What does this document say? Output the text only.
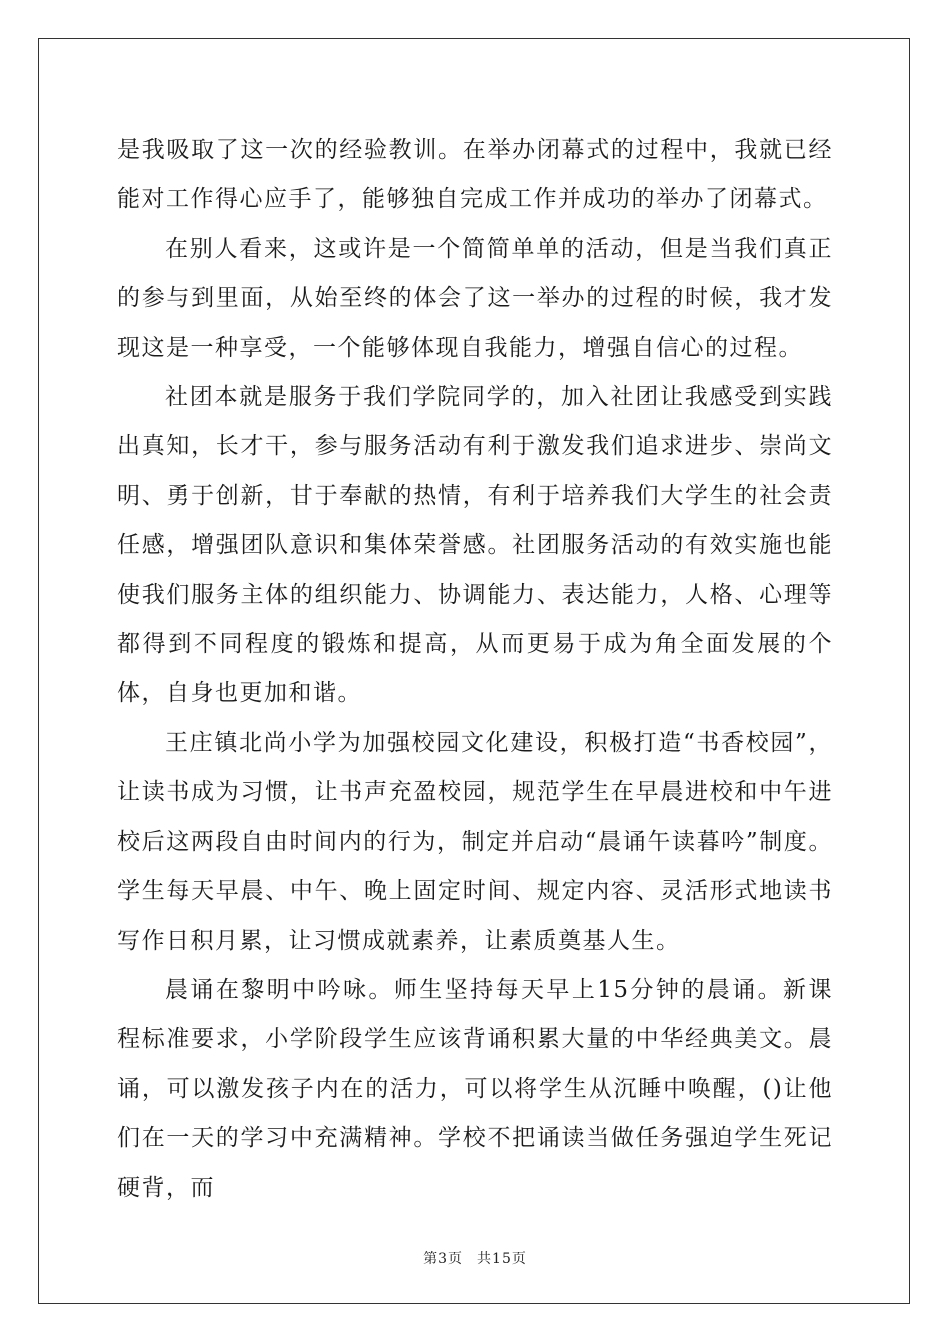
是我吸取了这一次的经验教训。在举办闭幕式的过程中，我就已经能对工作得心应手了，能够独自完成工作并成功的举办了闭幕式。

在别人看来，这或许是一个简简单单的活动，但是当我们真正的参与到里面，从始至终的体会了这一举办的过程的时候，我才发现这是一种享受，一个能够体现自我能力，增强自信心的过程。

社团本就是服务于我们学院同学的，加入社团让我感受到实践出真知，长才干，参与服务活动有利于激发我们追求进步、崇尚文明、勇于创新，甘于奉献的热情，有利于培养我们大学生的社会责任感，增强团队意识和集体荣誉感。社团服务活动的有效实施也能使我们服务主体的组织能力、协调能力、表达能力，人格、心理等都得到不同程度的锻炼和提高，从而更易于成为角全面发展的个体，自身也更加和谐。

王庄镇北尚小学为加强校园文化建设，积极打造“书香校园”，让读书成为习惯，让书声充盈校园，规范学生在早晨进校和中午进校后这两段自由时间内的行为，制定并启动“晨诵午读暮吟”制度。学生每天早晨、中午、晚上固定时间、规定内容、灵活形式地读书写作日积月累，让习惯成就素养，让素质奠基人生。

晨诵在黎明中吟咏。师生坚持每天早上15分钟的晨诵。新课程标准要求，小学阶段学生应该背诵积累大量的中华经典美文。晨诵，可以激发孩子内在的活力，可以将学生从沉睡中唤醒，()让他们在一天的学习中充满精神。学校不把诵读当做任务强迫学生死记硬背，而

第3页 共15页
